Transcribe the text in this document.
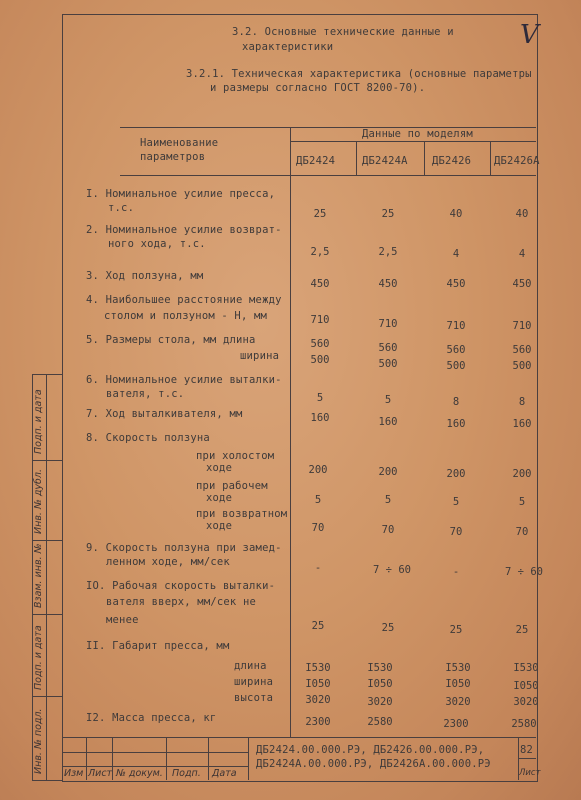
V
3.2. Основные технические данные и
характеристики
3.2.1. Техническая характеристика (основные параметры
и размеры согласно ГОСТ 8200-70).
Наименование
параметров
Данные по моделям
ДБ2424	ДБ2424А ДБ2426 ДБ2426А
I. Номинальное усилие пресса,
т.с.	25	25	40	40
2. Номинальное усилие возврат-
ного хода, т.с.
2,5	2,5	4	4
3. Ход ползуна, мм
450	450	450	450
4. Наибольшее расстояние между
столом и ползуном - Н, мм	710	710	710	710
5. Размеры стола, мм длина
ширина
560	560	560	560
500	500	500	500
6. Номинальное усилие выталки-
вателя, т.с.	5	5	8	8
7. Ход выталкивателя, мм	160	160	160	160
8. Скорость ползуна
при холостом
ходе	200	200	200	200
при рабочем
ходе	5	5	5	5
при возвратном
ходе	70	70	70	70
9. Скорость ползуна при замед-
ленном ходе, мм/сек	-	7 ÷ 60	-	7 ÷ 60
IO. Рабочая скорость выталки-
вателя вверх, мм/сек не
менее	25	25	25	25
II. Габарит пресса, мм
длина	I530	I530	I530	I530
ширина	I050	I050	I050	I050
высота	3020	3020	3020	3020
I2. Масса пресса, кг	2300	2580	2300	2580
Изм Лист № докум. Подп. Дата
ДБ2424.00.000.РЭ, ДБ2426.00.000.РЭ,
ДБ2424А.00.000.РЭ, ДБ2426А.00.000.РЭ
82
Лист
Подп. и дата
Инв. № дубл.
Взам. инв. №
Подп. и дата
Инв. № подл.
